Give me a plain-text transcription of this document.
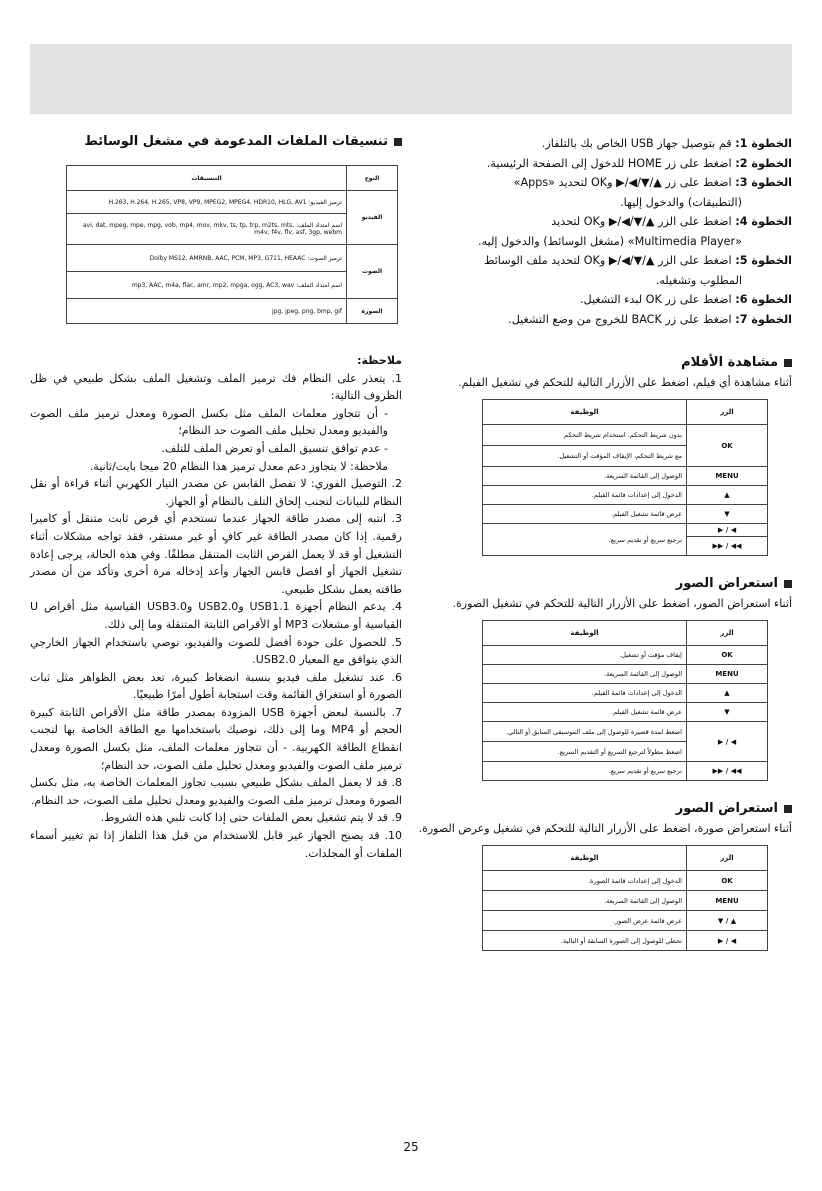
الخطوة 1: قم بتوصيل جهاز USB الخاص بك بالتلفاز.

الخطوة 2: اضغط على زر HOME للدخول إلى الصفحة الرئيسية.

الخطوة 3: اضغط على زر ▲/▼/◀/▶ وOK لتحديد «Apps»
(التطبيقات) والدخول إليها.

الخطوة 4: اضغط على الزر ▲/▼/◀/▶ وOK لتحديد
«Multimedia Player» (مشغل الوسائط) والدخول إليه.

الخطوة 5: اضغط على الزر ▲/▼/◀/▶ وOK لتحديد ملف الوسائط
المطلوب وتشغيله.

الخطوة 6: اضغط على زر OK لبدء التشغيل.

الخطوة 7: اضغط على زر BACK للخروج من وضع التشغيل.

مشاهدة الأفلام

أثناء مشاهدة أي فيلم، اضغط على الأزرار التالية للتحكم في تشغيل الفيلم.

الزر	الوظيفة
OK	بدون شريط التحكم، استخدام شريط التحكم
	مع شريط التحكم، الإيقاف المؤقت أو التشغيل.
MENU	الوصول إلى القائمة السريعة.
▲	الدخول إلى إعدادات قائمة الفيلم.
▼	عرض قائمة تشغيل الفيلم.
◀ / ▶	ترجيع سريع أو تقديم سريع.
◀◀ / ▶▶	

استعراض الصور

أثناء استعراض الصور، اضغط على الأزرار التالية للتحكم في تشغيل الصورة.

الزر	الوظيفة
OK	إيقاف مؤقت أو تشغيل.
MENU	الوصول إلى القائمة السريعة.
▲	الدخول إلى إعدادات قائمة الفيلم.
▼	عرض قائمة تشغيل الفيلم.
◀ / ▶	اضغط لمدة قصيرة للوصول إلى ملف الموسيقى السابق أو التالي.
	اضغط مطولاً لترجيع السريع أو التقديم السريع.
◀◀ / ▶▶	ترجيع سريع أو تقديم سريع.

استعراض الصور

أثناء استعراض صورة، اضغط على الأزرار التالية للتحكم في تشغيل وعرض الصورة.

الزر	الوظيفة
OK	الدخول إلى إعدادات قائمة الصورة.
MENU	الوصول إلى القائمة السريعة.
▲ / ▼	عرض قائمة عرض الصور.
◀ / ▶	تخطي للوصول إلى الصورة السابقة أو التالية.

تنسيقات الملفات المدعومة في مشغل الوسائط

النوع	التنسيقات
الفيديو	ترميز الفيديو: H.263, H.264, H.265, VP8, VP9, MPEG2, MPEG4, HDR10, HLG, AV1
	اسم امتداد الملف: avi, dat, mpeg, mpe, mpg, vob, mp4, mov, mkv, ts, tp, trp, m2ts, mts, m4v, f4v, flv, asf, 3gp, webm
الصوت	ترميز الصوت: Dolby MS12, AMRNB, AAC, PCM, MP3, G711, HEAAC
	اسم امتداد الملف: mp3, AAC, m4a, flac, amr, mp2, mpga, ogg, AC3, wav
الصورة	jpg, jpeg, png, bmp, gif

ملاحظة:

1. يتعذر على النظام فك ترميز الملف وتشغيل الملف بشكل طبيعي في ظل الظروف التالية:

- أن تتجاوز معلمات الملف مثل بكسل الصورة ومعدل ترميز ملف الصوت والفيديو ومعدل تحليل ملف الصوت حد النظام؛

- عدم توافق تنسيق الملف أو تعرض الملف للتلف.

ملاحظة: لا يتجاوز دعم معدل ترميز هذا النظام 20 ميجا بايت/ثانية.

2. التوصيل الفوري: لا تفصل القابس عن مصدر التيار الكهربي أثناء قراءة أو نقل النظام للبيانات لتجنب إلحاق التلف بالنظام أو الجهاز.

3. انتبه إلى مصدر طاقة الجهاز عندما تستخدم أي قرص ثابت متنقل أو كاميرا رقمية. إذا كان مصدر الطاقة غير كافٍ أو غير مستقر، فقد تواجه مشكلات أثناء التشغيل أو قد لا يعمل القرص الثابت المتنقل مطلقًا. وفي هذه الحالة، يرجى إعادة تشغيل الجهاز أو افصل قابس الجهاز وأعد إدخاله مرة أخرى وتأكد من أن مصدر طاقته يعمل بشكل طبيعي.

4. يدعم النظام أجهزة USB1.1 وUSB2.0 وUSB3.0 القياسية مثل أقراص U القياسية أو مشغلات MP3 أو الأقراص الثابتة المتنقلة وما إلى ذلك.

5. للحصول على جودة أفضل للصوت والفيديو، نوصي باستخدام الجهاز الخارجي الذي يتوافق مع المعيار USB2.0.

6. عند تشغيل ملف فيديو بنسبة انضغاط كبيرة، تعد بعض الظواهر مثل ثبات الصورة أو استغراق القائمة وقت استجابة أطول أمرًا طبيعيًا.

7. بالنسبة لبعض أجهزة USB المزودة بمصدر طاقة مثل الأقراص الثابتة كبيرة الحجم أو MP4 وما إلى ذلك، نوصيك باستخدامها مع الطاقة الخاصة بها لتجنب انقطاع الطاقة الكهربية. - أن تتجاوز معلمات الملف، مثل بكسل الصورة ومعدل ترميز ملف الصوت والفيديو ومعدل تحليل ملف الصوت، حد النظام؛

8. قد لا يعمل الملف بشكل طبيعي بسبب تجاوز المعلمات الخاصة به، مثل بكسل الصورة ومعدل ترميز ملف الصوت والفيديو ومعدل تحليل ملف الصوت، حد النظام.

9. قد لا يتم تشغيل بعض الملفات حتى إذا كانت تلبي هذه الشروط.

10. قد يصبح الجهاز غير قابل للاستخدام من قبل هذا التلفاز إذا تم تغيير أسماء الملفات أو المجلدات.

25
